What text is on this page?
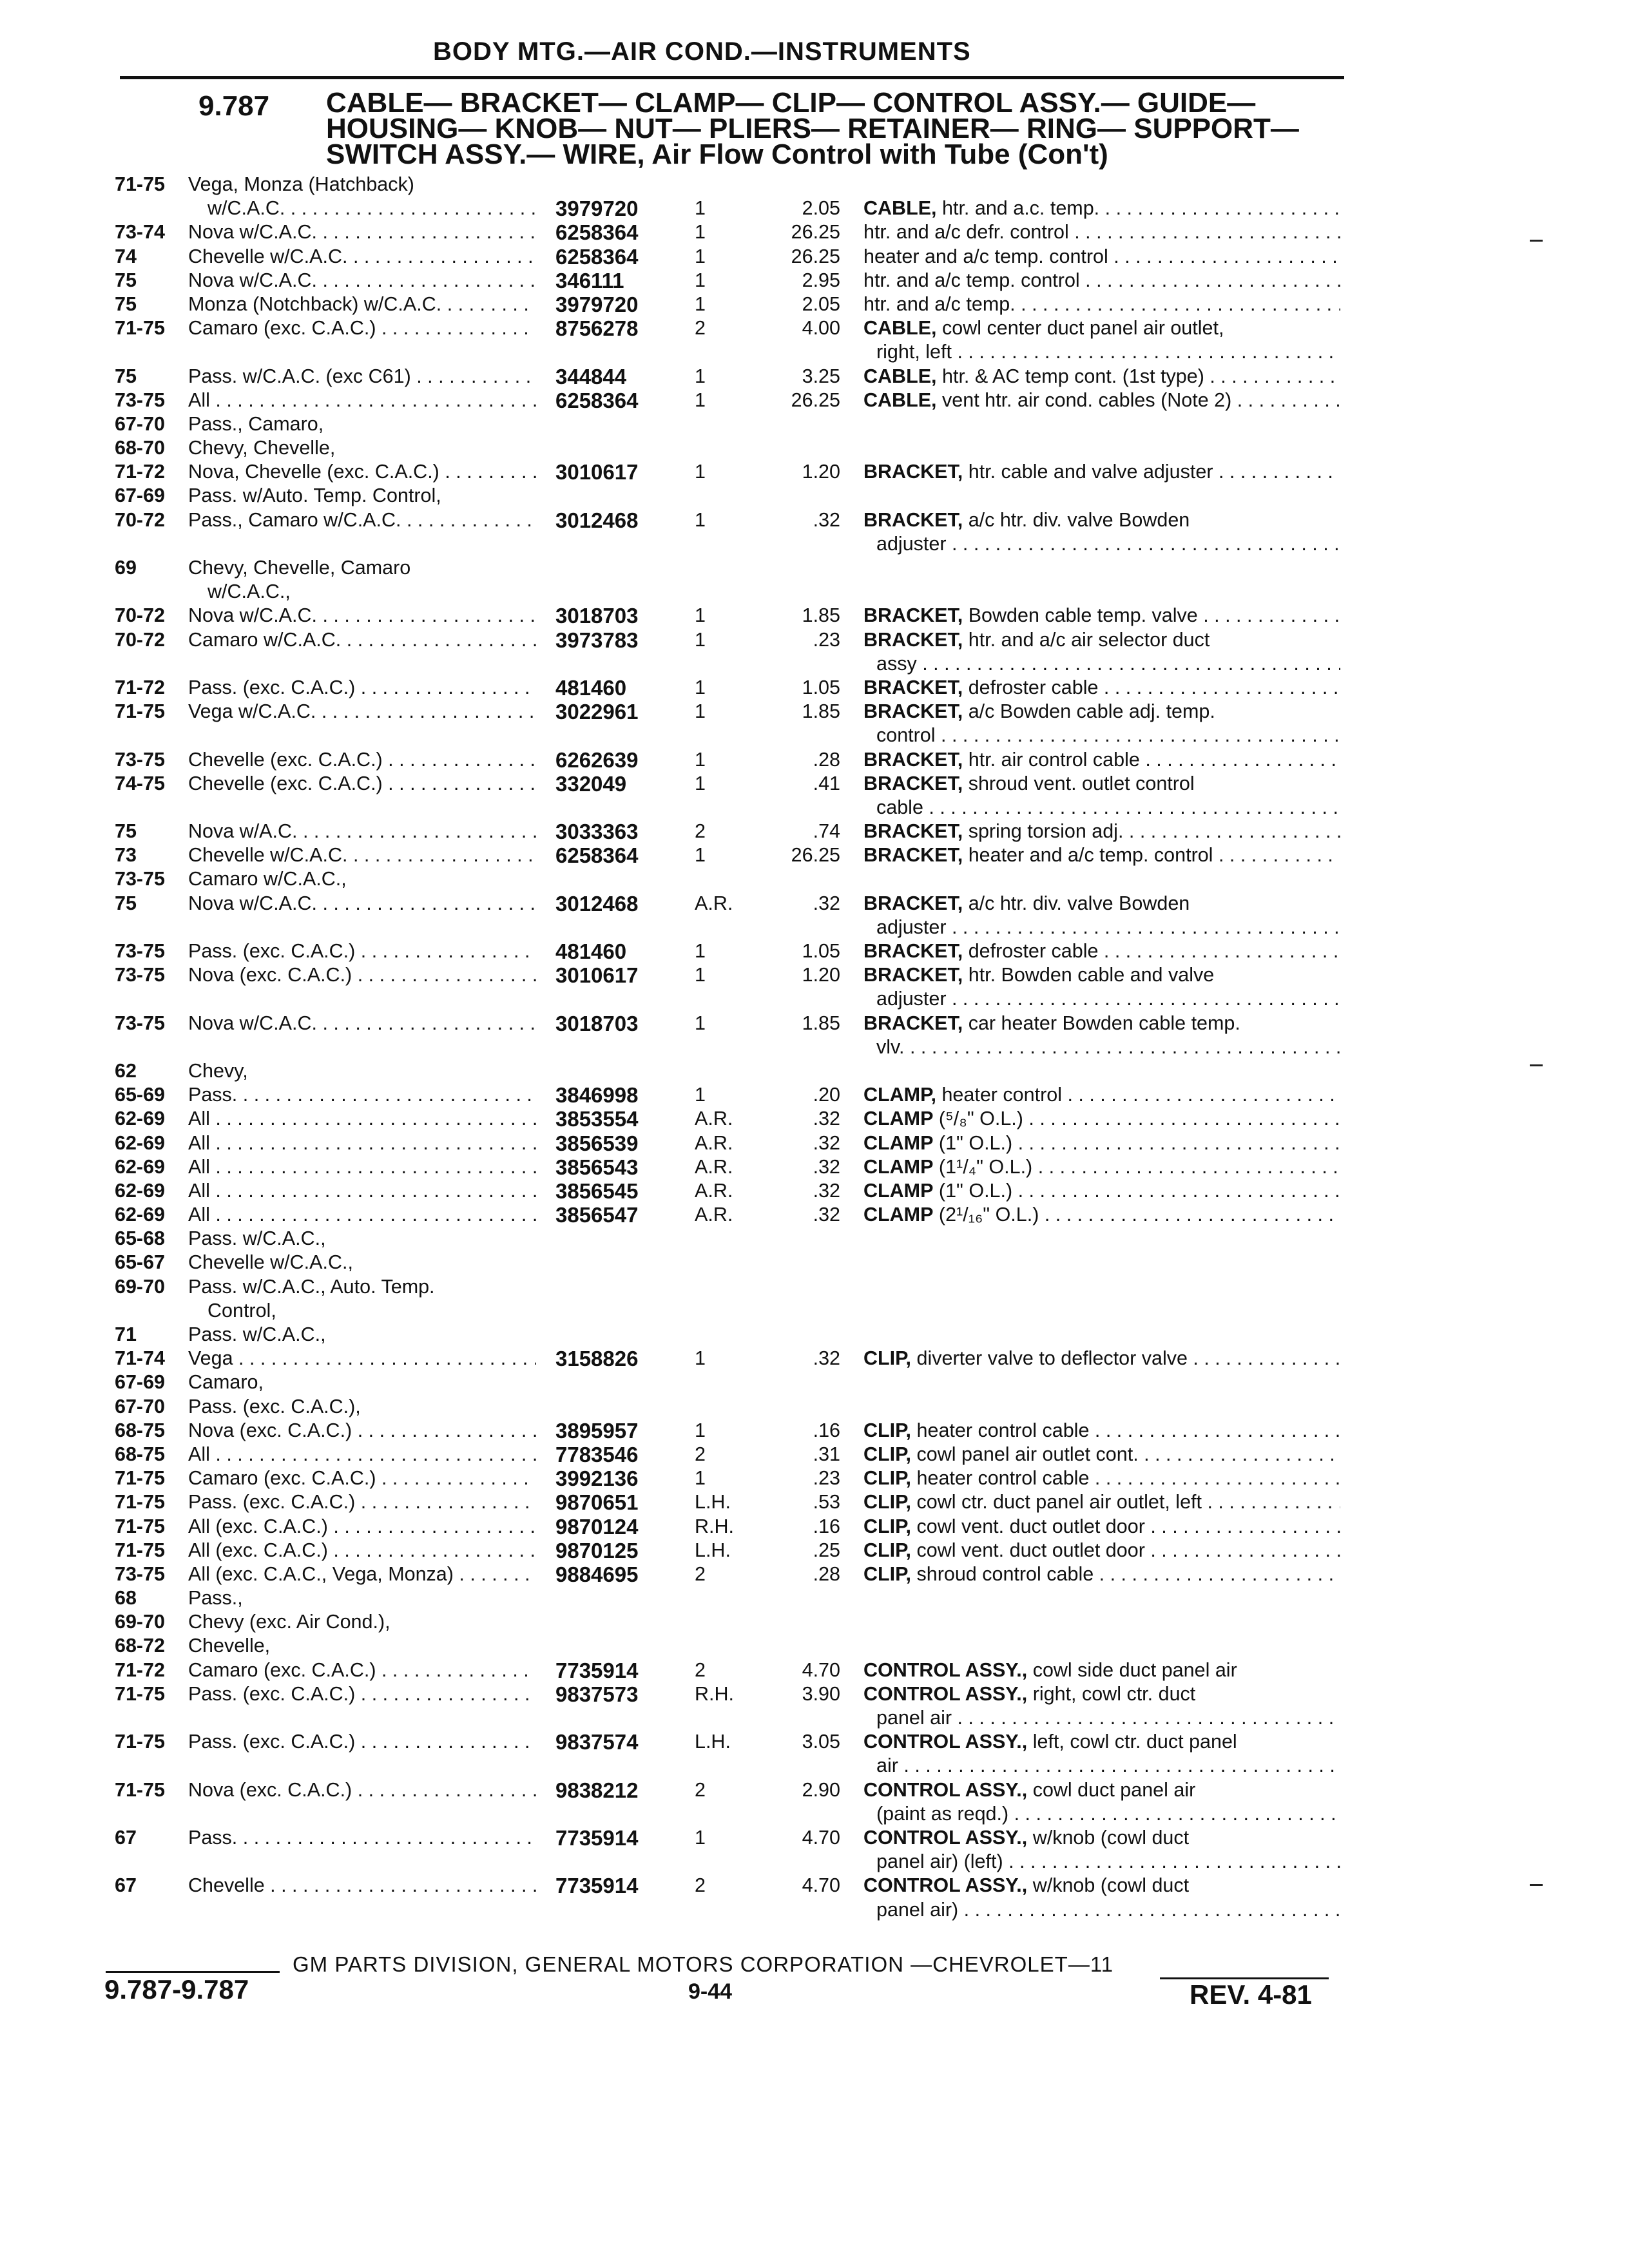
BODY MTG.—AIR COND.—INSTRUMENTS
9.787 CABLE— BRACKET— CLAMP— CLIP— CONTROL ASSY.— GUIDE—
HOUSING— KNOB— NUT— PLIERS— RETAINER— RING— SUPPORT—
SWITCH ASSY.— WIRE, Air Flow Control with Tube (Con't)
71-75	Vega, Monza (Hatchback)
w/C.A.C. . . .	3979720	1	2.05 CABLE, htr. and a.c. temp. . . .
73-74	Nova w/C.A.C. . . .	6258364	1	26.25 htr. and a/c defr. control . . .
74	Chevelle w/C.A.C. . . .	6258364	1	26.25 heater and a/c temp. control . . .
75	Nova w/C.A.C. . . .	346111	1	2.95 htr. and a/c temp. control . . .
75	Monza (Notchback) w/C.A.C. . . .	3979720	1	2.05 htr. and a/c temp. . . .
71-75	Camaro (exc. C.A.C.) . . .	8756278	2	4.00 CABLE, cowl center duct panel air outlet,
right, left . . .
75	Pass. w/C.A.C. (exc C61) . . .	344844	1	3.25 CABLE, htr. & AC temp cont. (1st type) . . .
73-75	All . . .	6258364	1	26.25 CABLE, vent htr. air cond. cables (Note 2) . . .
67-70	Pass., Camaro,
68-70	Chevy, Chevelle,
71-72	Nova, Chevelle (exc. C.A.C.) . . .	3010617	1	1.20 BRACKET, htr. cable and valve adjuster . . .
67-69	Pass. w/Auto. Temp. Control,
70-72	Pass., Camaro w/C.A.C. . . .	3012468	1	.32 BRACKET, a/c htr. div. valve Bowden
adjuster . . .
69	Chevy, Chevelle, Camaro
w/C.A.C.,
70-72	Nova w/C.A.C. . . .	3018703	1	1.85 BRACKET, Bowden cable temp. valve . . .
70-72	Camaro w/C.A.C. . . .	3973783	1	.23 BRACKET, htr. and a/c air selector duct
assy . . .
71-72	Pass. (exc. C.A.C.) . . .	481460	1	1.05 BRACKET, defroster cable . . .
71-75	Vega w/C.A.C. . . .	3022961	1	1.85 BRACKET, a/c Bowden cable adj. temp.
control . . .
73-75	Chevelle (exc. C.A.C.) . . .	6262639	1	.28 BRACKET, htr. air control cable . . .
74-75	Chevelle (exc. C.A.C.) . . .	332049	1	.41 BRACKET, shroud vent. outlet control
cable . . .
75	Nova w/A.C. . . .	3033363	2	.74 BRACKET, spring torsion adj. . . .
73	Chevelle w/C.A.C. . . .	6258364	1	26.25 BRACKET, heater and a/c temp. control . . .
73-75	Camaro w/C.A.C.,
75	Nova w/C.A.C. . . .	3012468	A.R.	.32 BRACKET, a/c htr. div. valve Bowden
adjuster . . .
73-75	Pass. (exc. C.A.C.) . . .	481460	1	1.05 BRACKET, defroster cable . . .
73-75	Nova (exc. C.A.C.) . . .	3010617	1	1.20 BRACKET, htr. Bowden cable and valve
adjuster . . .
73-75	Nova w/C.A.C. . . .	3018703	1	1.85 BRACKET, car heater Bowden cable temp.
vlv. . . .
62	Chevy,
65-69	Pass. . . .	3846998	1	.20 CLAMP, heater control . . .
62-69	All . . .	3853554	A.R.	.32 CLAMP (⁵/₈" O.L.) . . .
62-69	All . . .	3856539	A.R.	.32 CLAMP (1" O.L.) . . .
62-69	All . . .	3856543	A.R.	.32 CLAMP (1¹/₄" O.L.) . . .
62-69	All . . .	3856545	A.R.	.32 CLAMP (1" O.L.) . . .
62-69	All . . .	3856547	A.R.	.32 CLAMP (2¹/₁₆" O.L.) . . .
65-68	Pass. w/C.A.C.,
65-67	Chevelle w/C.A.C.,
69-70	Pass. w/C.A.C., Auto. Temp.
Control,
71	Pass. w/C.A.C.,
71-74	Vega . . .	3158826	1	.32 CLIP, diverter valve to deflector valve . . .
67-69	Camaro,
67-70	Pass. (exc. C.A.C.),
68-75	Nova (exc. C.A.C.) . . .	3895957	1	.16 CLIP, heater control cable . . .
68-75	All . . .	7783546	2	.31 CLIP, cowl panel air outlet cont. . . .
71-75	Camaro (exc. C.A.C.) . . .	3992136	1	.23 CLIP, heater control cable . . .
71-75	Pass. (exc. C.A.C.) . . .	9870651	L.H.	.53 CLIP, cowl ctr. duct panel air outlet, left . . .
71-75	All (exc. C.A.C.) . . .	9870124	R.H.	.16 CLIP, cowl vent. duct outlet door . . .
71-75	All (exc. C.A.C.) . . .	9870125	L.H.	.25 CLIP, cowl vent. duct outlet door . . .
73-75	All (exc. C.A.C., Vega, Monza) . . .	9884695	2	.28 CLIP, shroud control cable . . .
68	Pass.,
69-70	Chevy (exc. Air Cond.),
68-72	Chevelle,
71-72	Camaro (exc. C.A.C.) . . .	7735914	2	4.70 CONTROL ASSY., cowl side duct panel air
71-75	Pass. (exc. C.A.C.) . . .	9837573	R.H.	3.90 CONTROL ASSY., right, cowl ctr. duct
panel air . . .
71-75	Pass. (exc. C.A.C.) . . .	9837574	L.H.	3.05 CONTROL ASSY., left, cowl ctr. duct panel
air . . .
71-75	Nova (exc. C.A.C.) . . .	9838212	2	2.90 CONTROL ASSY., cowl duct panel air
(paint as reqd.) . . .
67	Pass. . . .	7735914	1	4.70 CONTROL ASSY., w/knob (cowl duct
panel air) (left) . . .
67	Chevelle . . .	7735914	2	4.70 CONTROL ASSY., w/knob (cowl duct
panel air) . . .
GM PARTS DIVISION, GENERAL MOTORS CORPORATION —CHEVROLET—11
9.787-9.787	9-44	REV. 4-81
